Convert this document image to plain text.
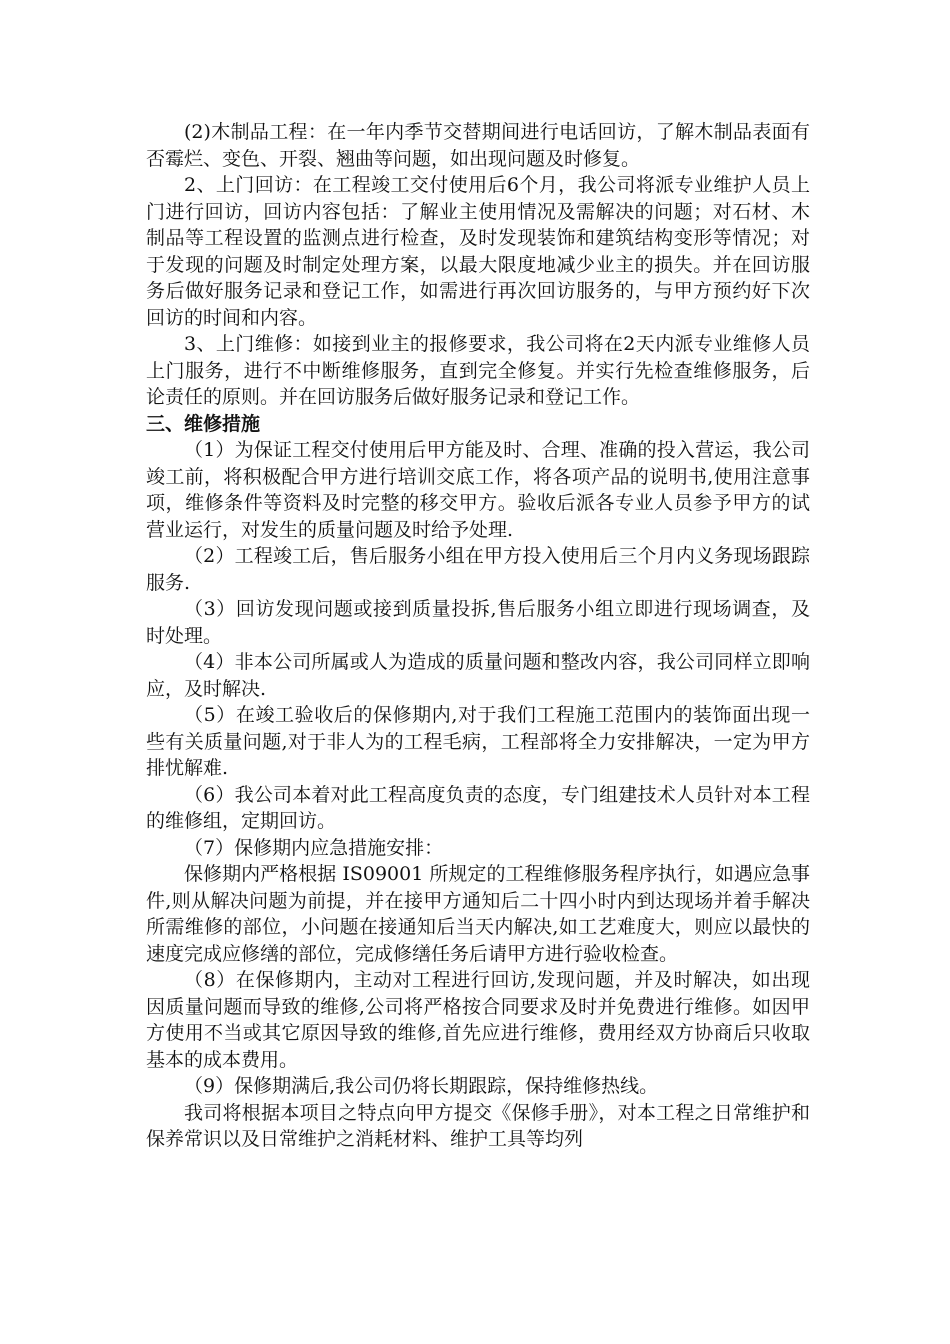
(2)木制品工程：在一年内季节交替期间进行电话回访，了解木制品表面有否霉烂、变色、开裂、翘曲等问题，如出现问题及时修复。

2、上门回访：在工程竣工交付使用后6个月，我公司将派专业维护人员上门进行回访，回访内容包括：了解业主使用情况及需解决的问题；对石材、木制品等工程设置的监测点进行检查，及时发现装饰和建筑结构变形等情况；对于发现的问题及时制定处理方案，以最大限度地减少业主的损失。并在回访服务后做好服务记录和登记工作，如需进行再次回访服务的，与甲方预约好下次回访的时间和内容。

3、上门维修：如接到业主的报修要求，我公司将在2天内派专业维修人员上门服务，进行不中断维修服务，直到完全修复。并实行先检查维修服务，后论责任的原则。并在回访服务后做好服务记录和登记工作。

三、维修措施

（1）为保证工程交付使用后甲方能及时、合理、准确的投入营运，我公司竣工前，将积极配合甲方进行培训交底工作，将各项产品的说明书,使用注意事项，维修条件等资料及时完整的移交甲方。验收后派各专业人员参予甲方的试营业运行，对发生的质量问题及时给予处理.

（2）工程竣工后，售后服务小组在甲方投入使用后三个月内义务现场跟踪服务.

（3）回访发现问题或接到质量投拆,售后服务小组立即进行现场调查，及时处理。

（4）非本公司所属或人为造成的质量问题和整改内容，我公司同样立即响应，及时解决.

（5）在竣工验收后的保修期内,对于我们工程施工范围内的装饰面出现一些有关质量问题,对于非人为的工程毛病，工程部将全力安排解决，一定为甲方排忧解难.

（6）我公司本着对此工程高度负责的态度，专门组建技术人员针对本工程的维修组，定期回访。

（7）保修期内应急措施安排：

保修期内严格根据 IS09001 所规定的工程维修服务程序执行，如遇应急事件,则从解决问题为前提，并在接甲方通知后二十四小时内到达现场并着手解决所需维修的部位，小问题在接通知后当天内解决,如工艺难度大，则应以最快的速度完成应修缮的部位，完成修缮任务后请甲方进行验收检查。

（8）在保修期内，主动对工程进行回访,发现问题，并及时解决，如出现因质量问题而导致的维修,公司将严格按合同要求及时并免费进行维修。如因甲方使用不当或其它原因导致的维修,首先应进行维修，费用经双方协商后只收取基本的成本费用。

（9）保修期满后,我公司仍将长期跟踪，保持维修热线。

我司将根据本项目之特点向甲方提交《保修手册》，对本工程之日常维护和保养常识以及日常维护之消耗材料、维护工具等均列
